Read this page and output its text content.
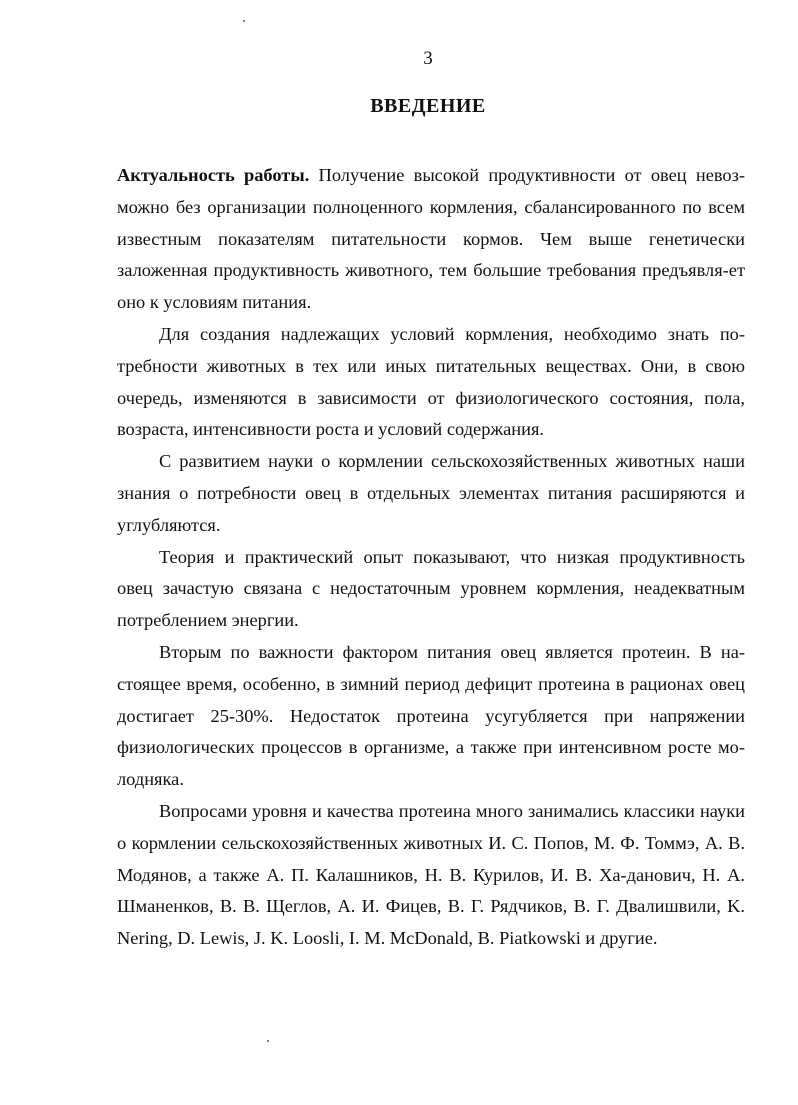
3
ВВЕДЕНИЕ

Актуальность работы. Получение высокой продуктивности от овец невоз-можно без организации полноценного кормления, сбалансированного по всем известным показателям питательности кормов. Чем выше генетически заложенная продуктивность животного, тем большие требования предъявля-ет оно к условиям питания.

Для создания надлежащих условий кормления, необходимо знать по-требности животных в тех или иных питательных веществах. Они, в свою очередь, изменяются в зависимости от физиологического состояния, пола, возраста, интенсивности роста и условий содержания.

С развитием науки о кормлении сельскохозяйственных животных наши знания о потребности овец в отдельных элементах питания расширяются и углубляются.

Теория и практический опыт показывают, что низкая продуктивность овец зачастую связана с недостаточным уровнем кормления, неадекватным потреблением энергии.

Вторым по важности фактором питания овец является протеин. В на-стоящее время, особенно, в зимний период дефицит протеина в рационах овец достигает 25-30%. Недостаток протеина усугубляется при напряжении физиологических процессов в организме, а также при интенсивном росте мо-лодняка.

Вопросами уровня и качества протеина много занимались классики науки о кормлении сельскохозяйственных животных И. С. Попов, М. Ф. Томмэ, А. В. Модянов, а также А. П. Калашников, Н. В. Курилов, И. В. Ха-данович, Н. А. Шманенков, В. В. Щеглов, А. И. Фицев, В. Г. Рядчиков, В. Г. Двалишвили, K. Nering, D. Lewis, J. K. Loosli, I. M. McDonald, B. Piatkowski и другие.
